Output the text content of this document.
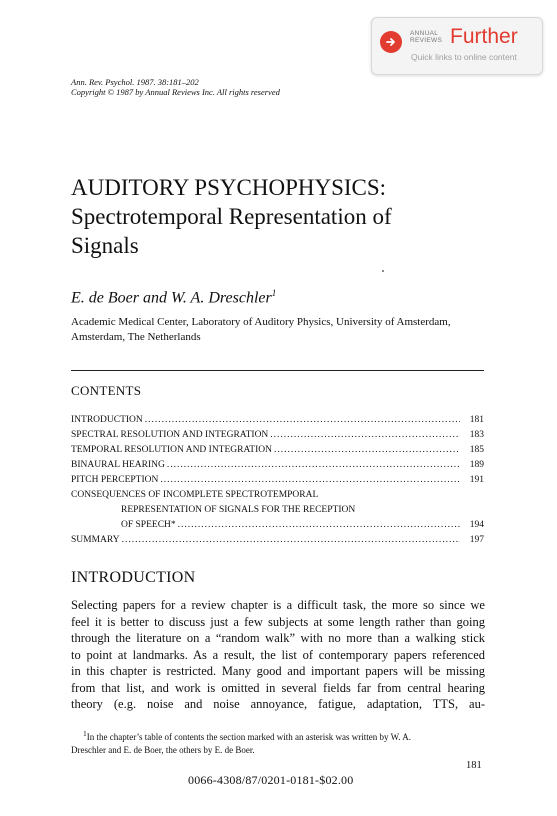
ANNUAL
REVIEWS Further
Quick links to online content
Ann. Rev. Psychol. 1987. 38:181–202
Copyright © 1987 by Annual Reviews Inc. All rights reserved
AUDITORY PSYCHOPHYSICS:
Spectrotemporal Representation of
Signals
E. de Boer and W. A. Dreschler$^1$
Academic Medical Center, Laboratory of Auditory Physics, University of Amsterdam,
Amsterdam, The Netherlands
CONTENTS
INTRODUCTION .....	181
SPECTRAL RESOLUTION AND INTEGRATION .....	183
TEMPORAL RESOLUTION AND INTEGRATION .....	185
BINAURAL HEARING .....	189
PITCH PERCEPTION .....	191
CONSEQUENCES OF INCOMPLETE SPECTROTEMPORAL
REPRESENTATION OF SIGNALS FOR THE RECEPTION
OF SPEECH* .....	194
SUMMARY .....	197
INTRODUCTION
Selecting papers for a review chapter is a difficult task, the more so since we
feel it is better to discuss just a few subjects at some length rather than going
through the literature on a “random walk” with no more than a walking stick
to point at landmarks. As a result, the list of contemporary papers referenced
in this chapter is restricted. Many good and important papers will be missing
from that list, and work is omitted in several fields far from central hearing
theory (e.g. noise and noise annoyance, fatigue, adaptation, TTS, au-
$^1$In the chapter’s table of contents the section marked with an asterisk was written by W. A.
Dreschler and E. de Boer, the others by E. de Boer.
181
0066-4308/87/0201-0181-$02.00
